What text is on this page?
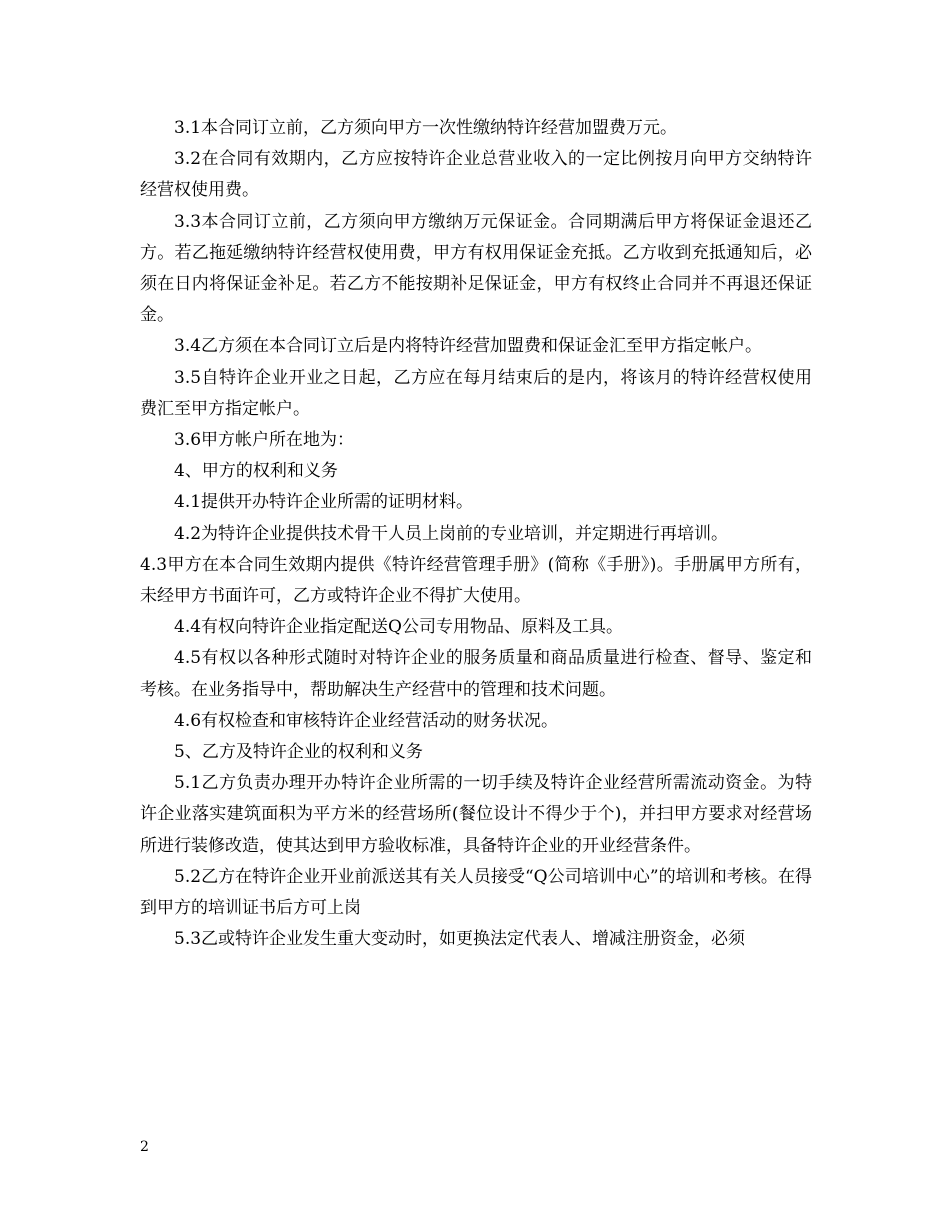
3.1本合同订立前，乙方须向甲方一次性缴纳特许经营加盟费万元。

3.2在合同有效期内，乙方应按特许企业总营业收入的一定比例按月向甲方交纳特许经营权使用费。

3.3本合同订立前，乙方须向甲方缴纳万元保证金。合同期满后甲方将保证金退还乙方。若乙拖延缴纳特许经营权使用费，甲方有权用保证金充抵。乙方收到充抵通知后，必须在日内将保证金补足。若乙方不能按期补足保证金，甲方有权终止合同并不再退还保证金。

3.4乙方须在本合同订立后是内将特许经营加盟费和保证金汇至甲方指定帐户。

3.5自特许企业开业之日起，乙方应在每月结束后的是内，将该月的特许经营权使用费汇至甲方指定帐户。

3.6甲方帐户所在地为：

4、甲方的权利和义务

4.1提供开办特许企业所需的证明材料。

4.2为特许企业提供技术骨干人员上岗前的专业培训，并定期进行再培训。

4.3甲方在本合同生效期内提供《特许经营管理手册》(简称《手册》)。手册属甲方所有，未经甲方书面许可，乙方或特许企业不得扩大使用。

4.4有权向特许企业指定配送Q公司专用物品、原料及工具。

4.5有权以各种形式随时对特许企业的服务质量和商品质量进行检查、督导、鉴定和考核。在业务指导中，帮助解决生产经营中的管理和技术问题。

4.6有权检查和审核特许企业经营活动的财务状况。

5、乙方及特许企业的权利和义务

5.1乙方负责办理开办特许企业所需的一切手续及特许企业经营所需流动资金。为特许企业落实建筑面积为平方米的经营场所(餐位设计不得少于个)，并扫甲方要求对经营场所进行装修改造，使其达到甲方验收标准，具备特许企业的开业经营条件。

5.2乙方在特许企业开业前派送其有关人员接受“Q公司培训中心”的培训和考核。在得到甲方的培训证书后方可上岗

5.3乙或特许企业发生重大变动时，如更换法定代表人、增减注册资金，必须

2
